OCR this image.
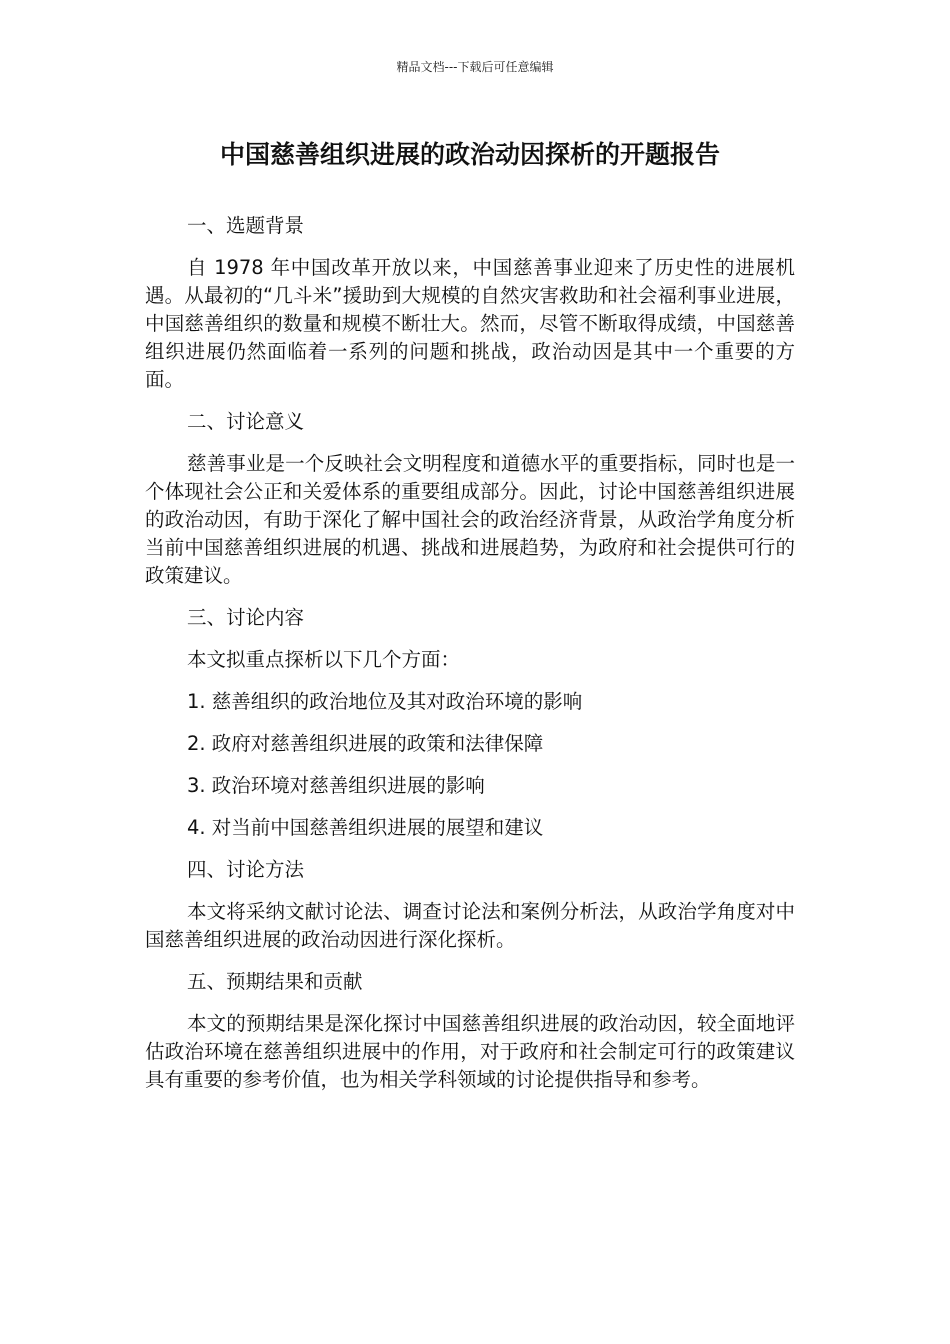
精品文档---下载后可任意编辑
中国慈善组织进展的政治动因探析的开题报告

一、选题背景

自 1978 年中国改革开放以来，中国慈善事业迎来了历史性的进展机遇。从最初的“几斗米”援助到大规模的自然灾害救助和社会福利事业进展，中国慈善组织的数量和规模不断壮大。然而，尽管不断取得成绩，中国慈善组织进展仍然面临着一系列的问题和挑战，政治动因是其中一个重要的方面。

二、讨论意义

慈善事业是一个反映社会文明程度和道德水平的重要指标，同时也是一个体现社会公正和关爱体系的重要组成部分。因此，讨论中国慈善组织进展的政治动因，有助于深化了解中国社会的政治经济背景，从政治学角度分析当前中国慈善组织进展的机遇、挑战和进展趋势，为政府和社会提供可行的政策建议。

三、讨论内容

本文拟重点探析以下几个方面：

1. 慈善组织的政治地位及其对政治环境的影响

2. 政府对慈善组织进展的政策和法律保障

3. 政治环境对慈善组织进展的影响

4. 对当前中国慈善组织进展的展望和建议

四、讨论方法

本文将采纳文献讨论法、调查讨论法和案例分析法，从政治学角度对中国慈善组织进展的政治动因进行深化探析。

五、预期结果和贡献

本文的预期结果是深化探讨中国慈善组织进展的政治动因，较全面地评估政治环境在慈善组织进展中的作用，对于政府和社会制定可行的政策建议具有重要的参考价值，也为相关学科领域的讨论提供指导和参考。
